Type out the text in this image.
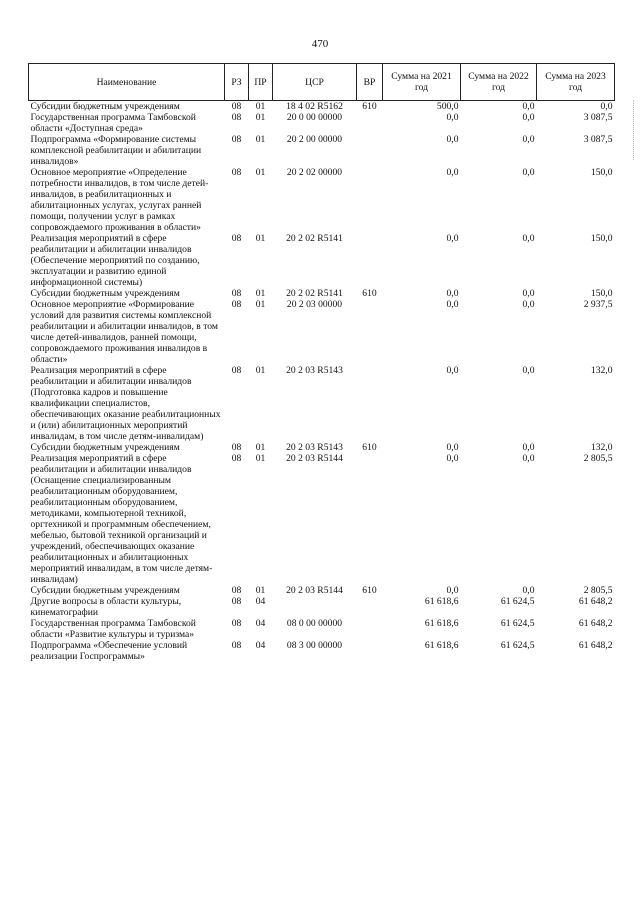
470
Наименование	РЗ	ПР	ЦСР	ВР	Сумма на 2021 год	Сумма на 2022 год	Сумма на 2023 год
Субсидии бюджетным учреждениям	08	01	18 4 02 R5162	610	500,0	0,0	0,0
Государственная программа Тамбовской области «Доступная среда»	08	01	20 0 00 00000		0,0	0,0	3 087,5
Подпрограмма «Формирование системы комплексной реабилитации и абилитации инвалидов»	08	01	20 2 00 00000		0,0	0,0	3 087,5
Основное мероприятие «Определение потребности инвалидов, в том числе детей-инвалидов, в реабилитационных и абилитационных услугах, услугах ранней помощи, получении услуг в рамках сопровождаемого проживания в области»	08	01	20 2 02 00000		0,0	0,0	150,0
Реализация мероприятий в сфере реабилитации и абилитации инвалидов (Обеспечение мероприятий по созданию, эксплуатации и развитию единой информационной системы)	08	01	20 2 02 R5141		0,0	0,0	150,0
Субсидии бюджетным учреждениям	08	01	20 2 02 R5141	610	0,0	0,0	150,0
Основное мероприятие «Формирование условий для развития системы комплексной реабилитации и абилитации инвалидов, в том числе детей-инвалидов, ранней помощи, сопровождаемого проживания инвалидов в области»	08	01	20 2 03 00000		0,0	0,0	2 937,5
Реализация мероприятий в сфере реабилитации и абилитации инвалидов (Подготовка кадров и повышение квалификации специалистов, обеспечивающих оказание реабилитационных и (или) абилитационных мероприятий инвалидам, в том числе детям-инвалидам)	08	01	20 2 03 R5143		0,0	0,0	132,0
Субсидии бюджетным учреждениям	08	01	20 2 03 R5143	610	0,0	0,0	132,0
Реализация мероприятий в сфере реабилитации и абилитации инвалидов (Оснащение специализированным реабилитационным оборудованием, реабилитационным оборудованием, методиками, компьютерной техникой, оргтехникой и программным обеспечением, мебелью, бытовой техникой организаций и учреждений, обеспечивающих оказание реабилитационных и абилитационных мероприятий инвалидам, в том числе детям-инвалидам)	08	01	20 2 03 R5144		0,0	0,0	2 805,5
Субсидии бюджетным учреждениям	08	01	20 2 03 R5144	610	0,0	0,0	2 805,5
Другие вопросы в области культуры, кинематографии	08	04			61 618,6	61 624,5	61 648,2
Государственная программа Тамбовской области «Развитие культуры и туризма»	08	04	08 0 00 00000		61 618,6	61 624,5	61 648,2
Подпрограмма «Обеспечение условий реализации Госпрограммы»	08	04	08 3 00 00000		61 618,6	61 624,5	61 648,2
